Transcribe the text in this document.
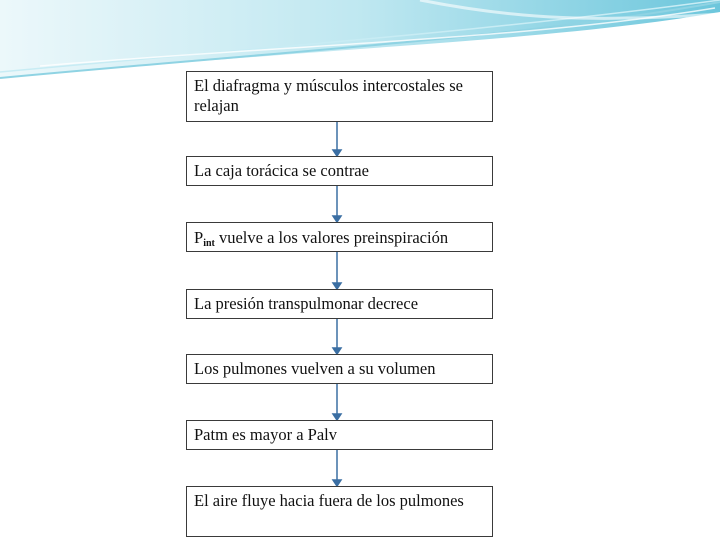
El diafragma y músculos intercostales se relajan
La caja torácica se contrae
$P_{int}$ vuelve a los valores preinspiración
La presión transpulmonar decrece
Los pulmones vuelven a su volumen
Patm es mayor a Palv
El aire fluye hacia fuera de los pulmones
